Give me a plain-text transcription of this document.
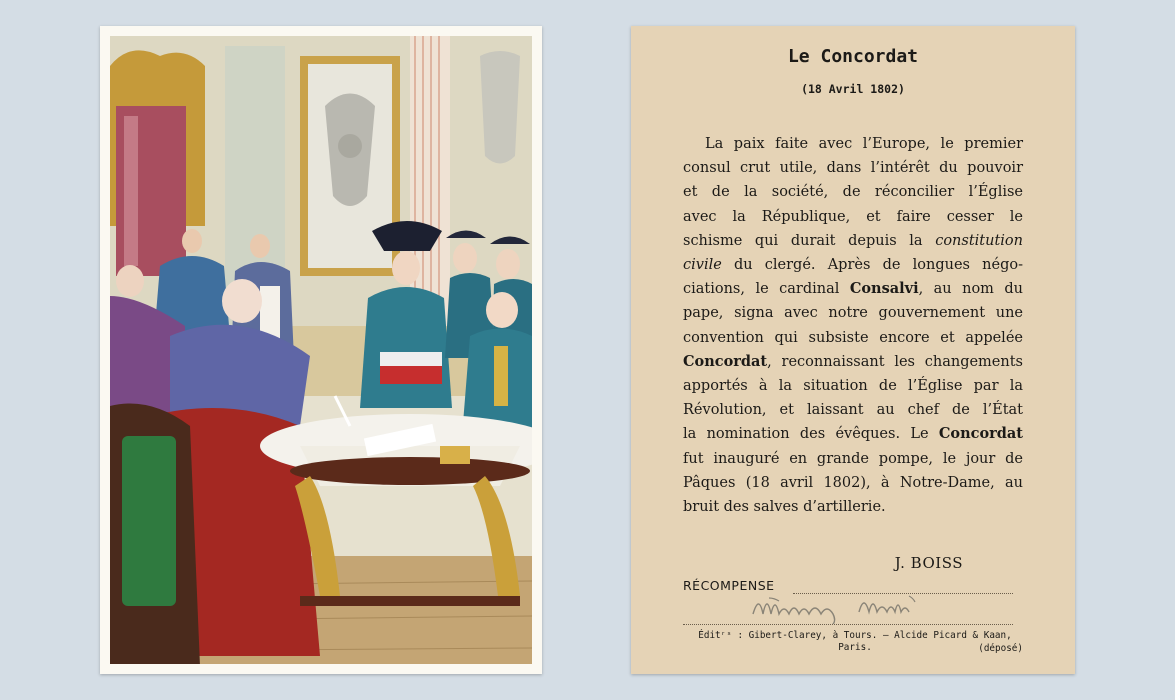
Le Concordat
(18 Avril 1802)
La paix faite avec l’Europe, le premier
consul crut utile, dans l’intérêt du pouvoir
et de la société, de réconcilier l’Église
avec la République, et faire cesser le
schisme qui durait depuis la constitution
civile du clergé. Après de longues négo-
ciations, le cardinal Consalvi, au nom du
pape, signa avec notre gouvernement une
convention qui subsiste encore et appelée
Concordat, reconnaissant les changements
apportés à la situation de l’Église par la
Révolution, et laissant au chef de l’État
la nomination des évêques. Le Concordat
fut inauguré en grande pompe, le jour de
Pâques (18 avril 1802), à Notre-Dame, au
bruit des salves d’artillerie.
J. BOISS
RÉCOMPENSE
Éditʳˢ : Gibert-Clarey, à Tours. — Alcide Picard & Kaan, Paris.	(déposé)
